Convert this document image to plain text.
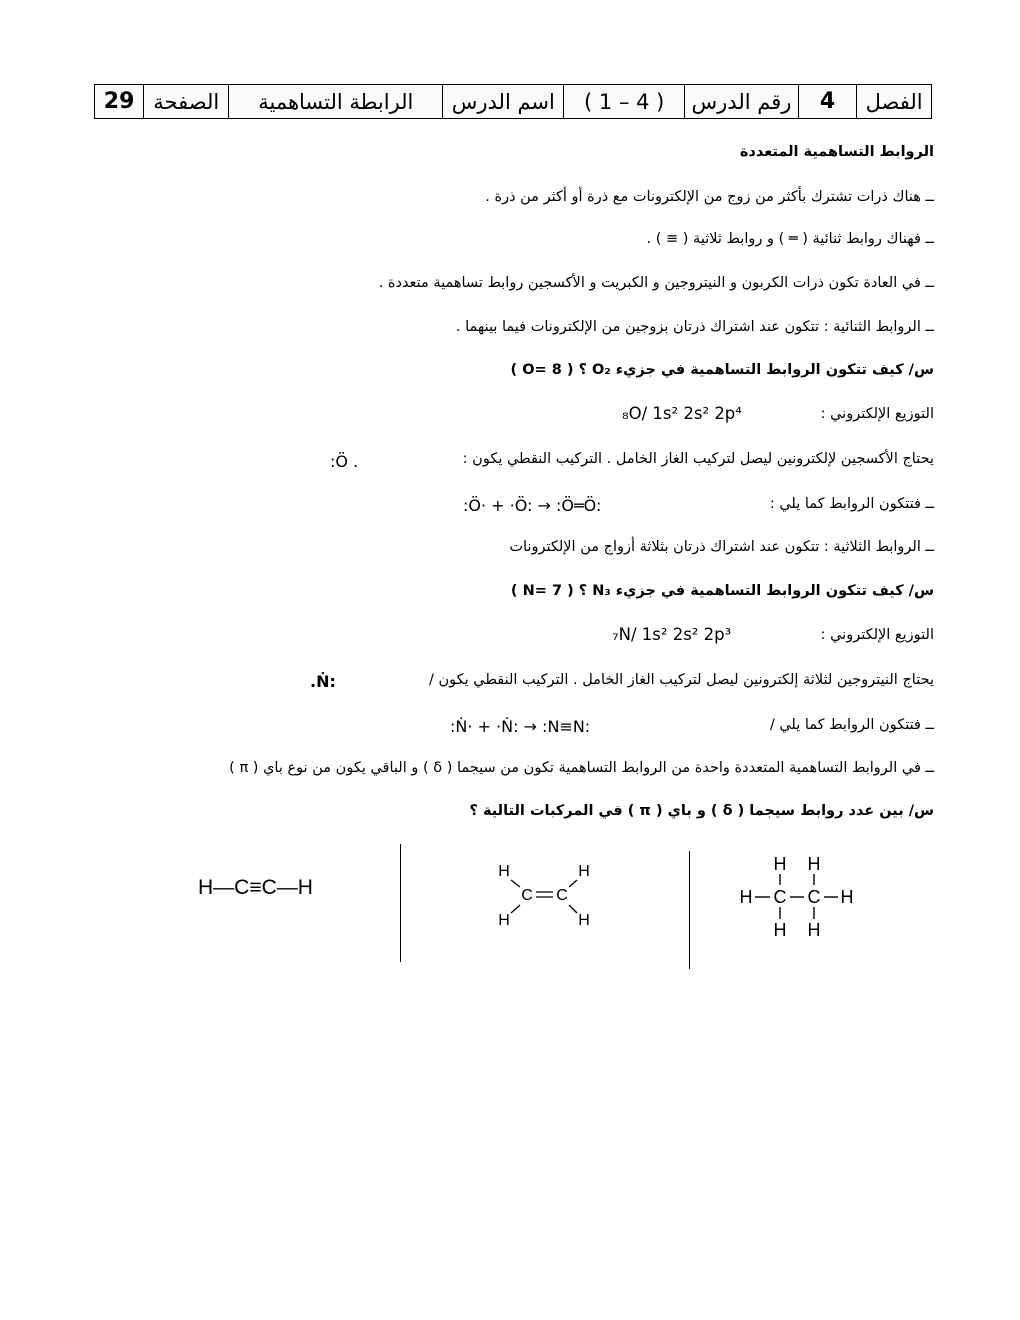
الفصل	4	رقم الدرس	( 1 – 4 )	اسم الدرس	الرابطة التساهمية	الصفحة	29
الروابط التساهمية المتعددة
ــ هناك ذرات تشترك بأكثر من زوج من الإلكترونات مع ذرة أو أكثر من ذرة .
ــ فهناك روابط ثنائية ( ═ ) و روابط ثلاثية ( ≡ ) .
ــ في العادة تكون ذرات الكربون و النيتروجين و الكبريت و الأكسجين روابط تساهمية متعددة .
ــ الروابط الثنائية : تتكون عند اشتراك ذرتان بزوجين من الإلكترونات فيما بينهما .
س/ كيف تتكون الروابط التساهمية في جزيء O₂ ؟ ( O= 8 )
التوزيع الإلكتروني :
₈O/ 1s² 2s² 2p⁴
يحتاج الأكسجين لإلكترونين ليصل لتركيب الغاز الخامل . التركيب النقطي يكون :
:Ö .
ــ فتتكون الروابط كما يلي :
:Ö· + ·Ö: → :Ö═Ö:
ــ الروابط الثلاثية : تتكون عند اشتراك ذرتان بثلاثة أزواج من الإلكترونات
س/ كيف تتكون الروابط التساهمية في جزيء N₃ ؟ ( N= 7 )
التوزيع الإلكتروني :
₇N/ 1s² 2s² 2p³
يحتاج النيتروجين لثلاثة إلكترونين ليصل لتركيب الغاز الخامل . التركيب النقطي يكون /
.Ṅ:
ــ فتتكون الروابط كما يلي /
:Ṅ· + ·Ṅ: → :N≡N:
ــ في الروابط التساهمية المتعددة واحدة من الروابط التساهمية تكون من سيجما ( δ ) و الباقي يكون من نوع باي ( π )
س/ بين عدد روابط سيجما ( δ ) و باي ( π ) في المركبات التالية ؟
H—C≡C—H
H	H
H	H
C C
H H
H C C H
H H
